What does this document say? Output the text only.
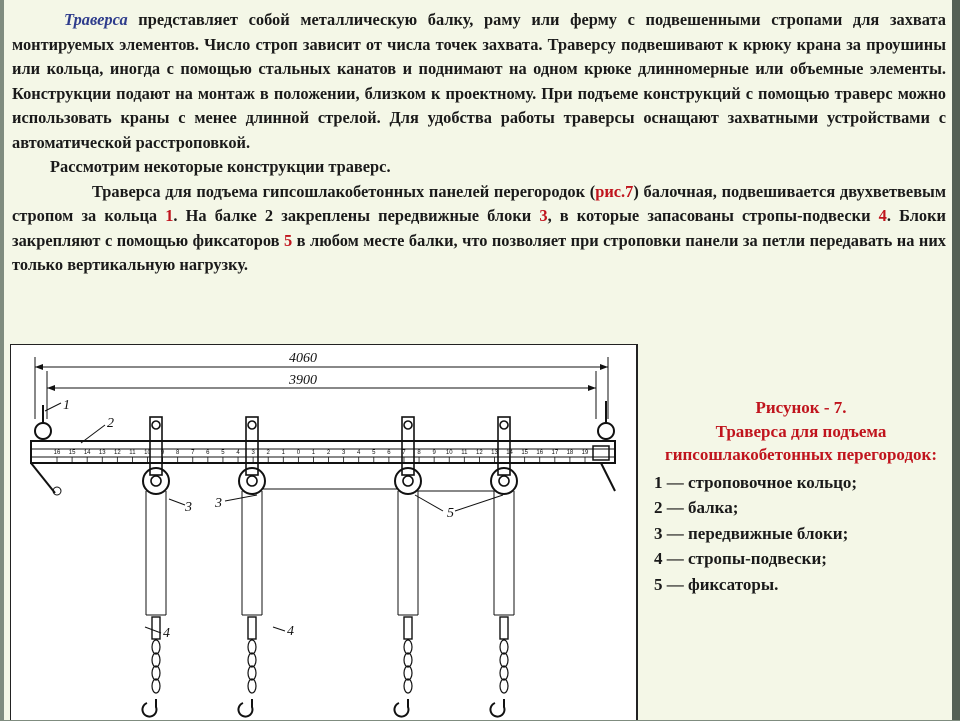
Траверса представляет собой металлическую балку, раму или ферму с подвешенными стропами для захвата монтируемых элементов. Число строп зависит от числа точек захвата. Траверсу подвешивают к крюку крана за проушины или кольца, иногда с помощью стальных канатов и поднимают на одном крюке длинномерные или объемные элементы. Конструкции подают на монтаж в положении, близком к проектному. При подъеме конструкций с помощью траверс можно использовать краны с менее длинной стрелой. Для удобства работы траверсы оснащают захватными устройствами с автоматической расстроповкой.

Рассмотрим некоторые конструкции траверс.

Траверса для подъема гипсошлакобетонных панелей перегородок (рис.7) балочная, подвешивается двухветвевым стропом за кольца 1. На балке 2 закреплены передвижные блоки 3, в которые запасованы стропы-подвески 4. Блоки закрепляют с помощью фиксаторов 5 в любом месте балки, что позволяет при строповки панели за петли передавать на них только вертикальную нагрузку.

4060
3900
1
2
16 15 14 13 12 11 10 9 8 7 6 5 4 3 2 1 0 1 2 3 4 5 6 7 8 9 10 11 12 13 14 15 16 17 18 19
3 3
5
4	4
Рисунок - 7.
Траверса для подъема гипсошлакобетонных перегородок:
1 — строповочное кольцо;
2 — балка;
3 — передвижные блоки;
4 — стропы-подвески;
5 — фиксаторы.
